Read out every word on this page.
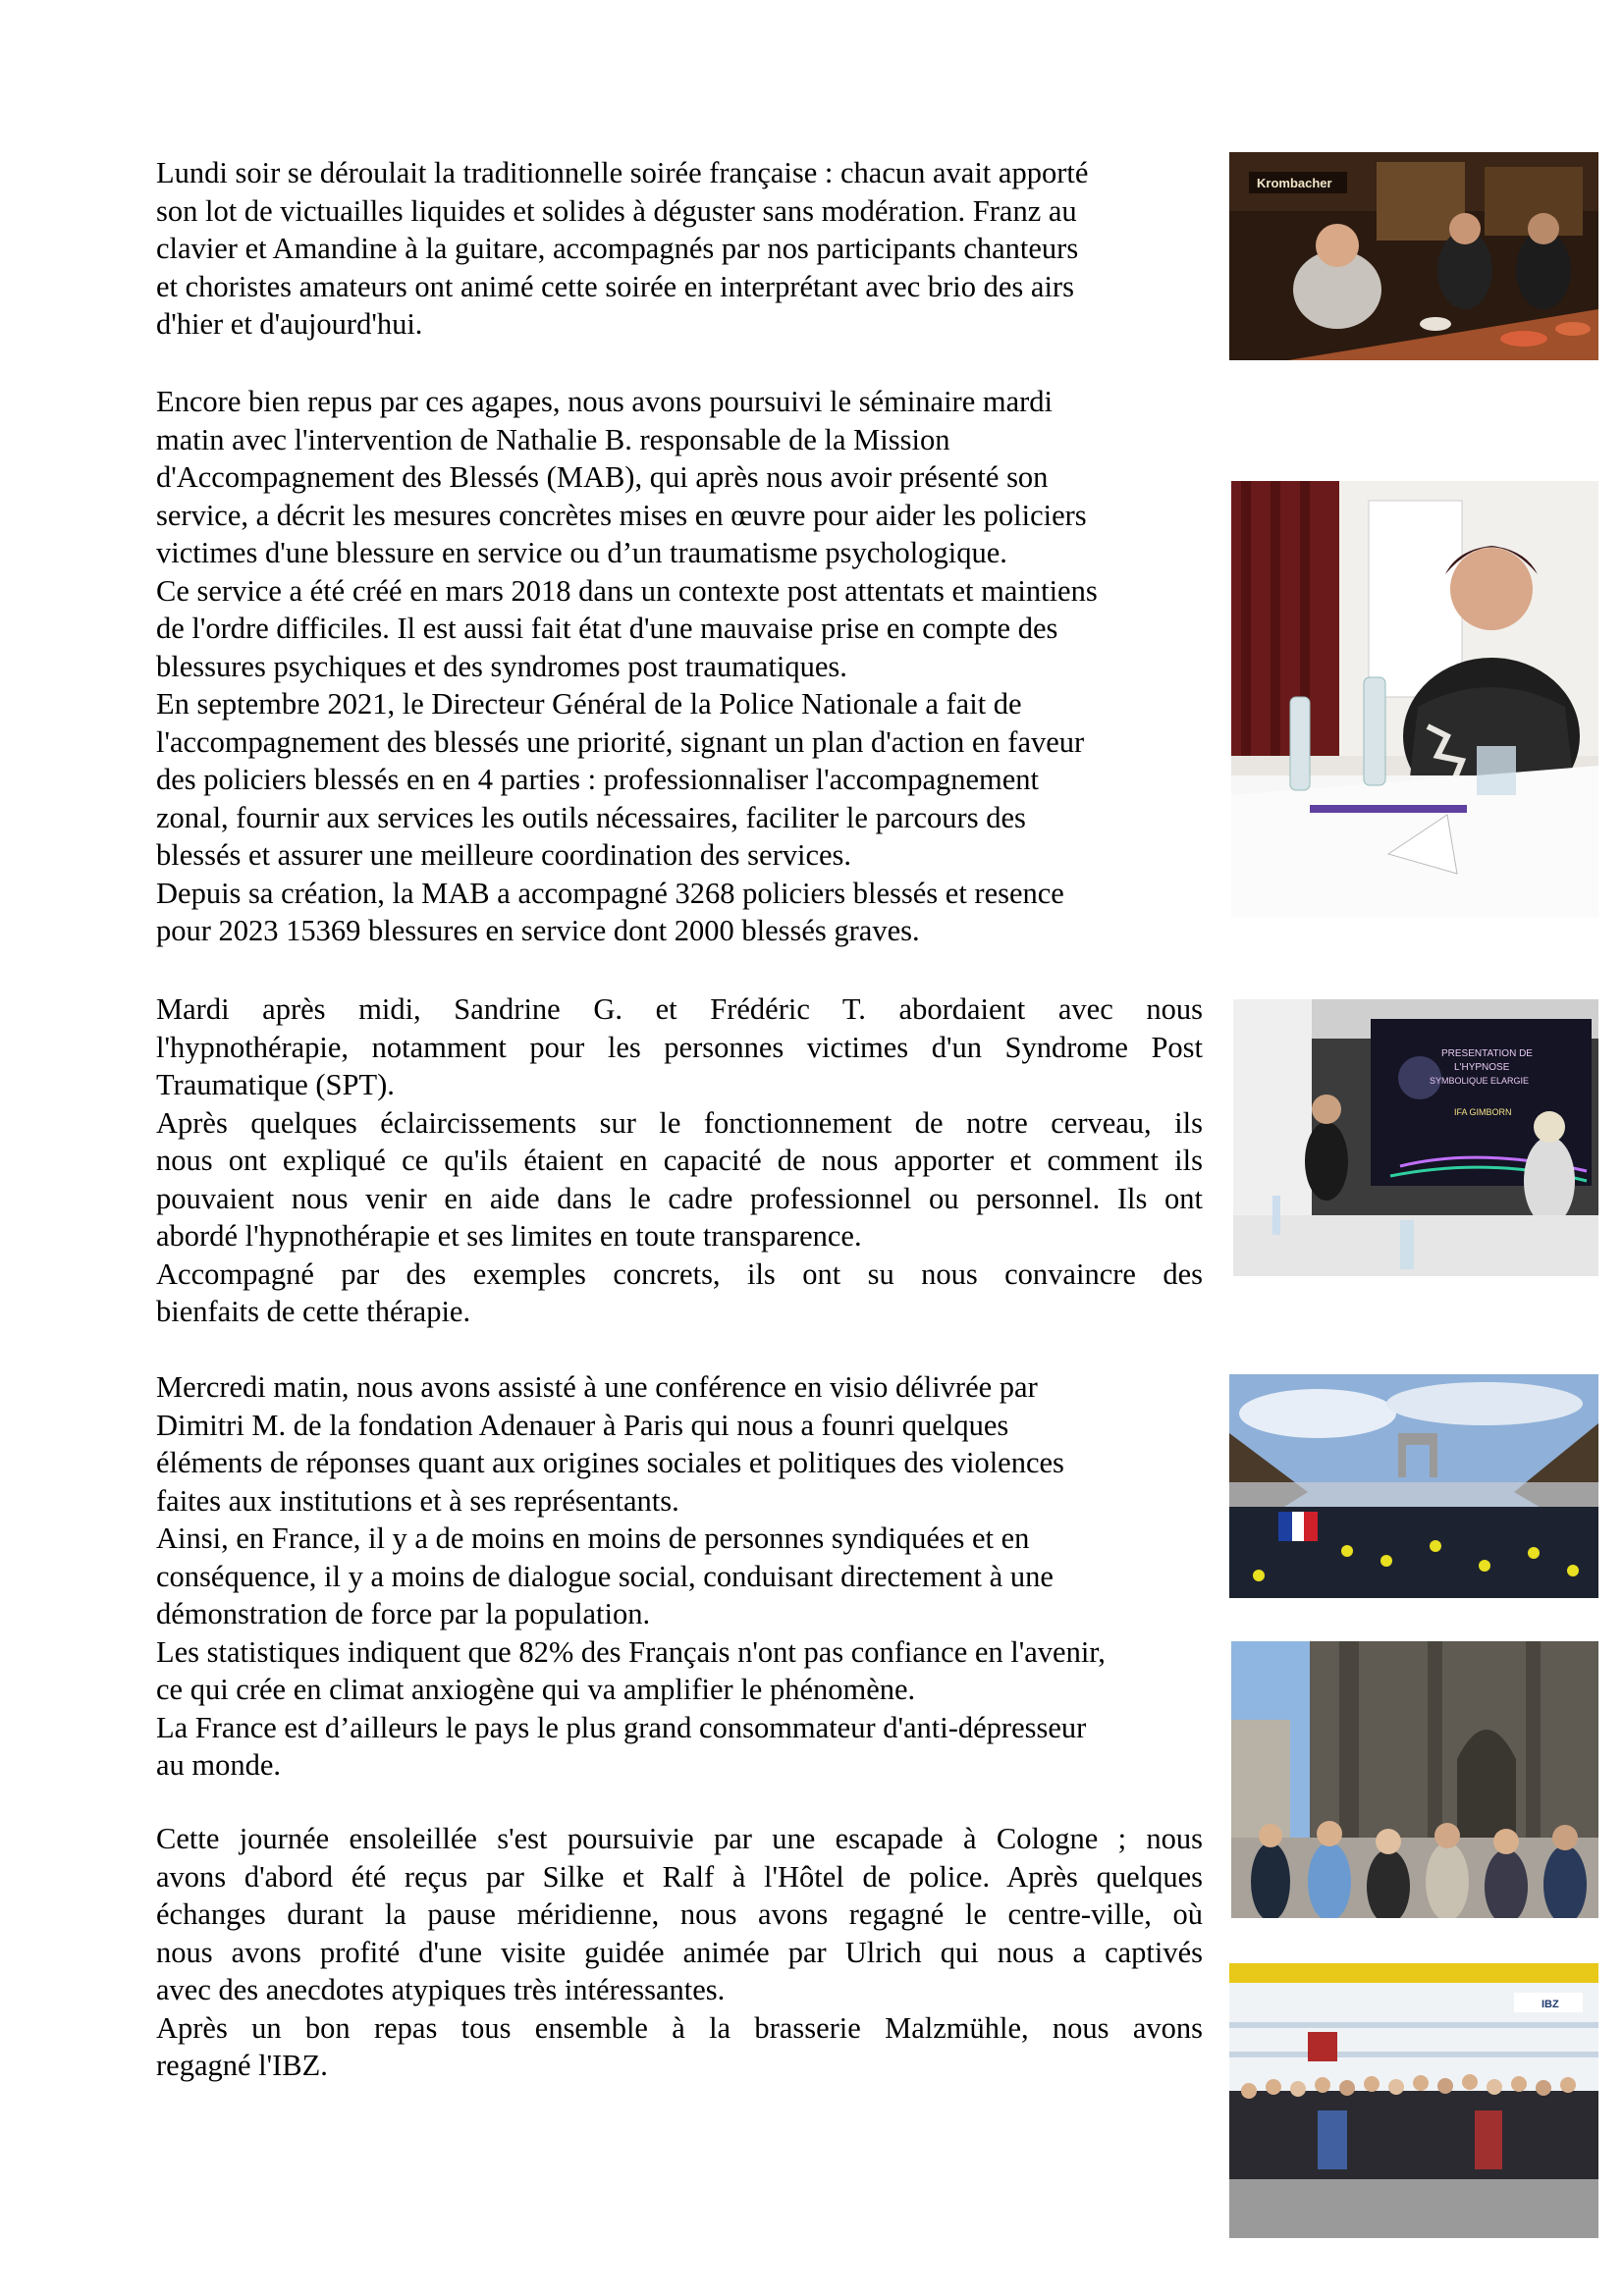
Lundi soir se déroulait la traditionnelle soirée française : chacun avait apporté
son lot de victuailles liquides et solides à déguster sans modération. Franz au
clavier et Amandine à la guitare, accompagnés par nos participants chanteurs
et choristes amateurs ont animé cette soirée en interprétant avec brio des airs
d'hier et d'aujourd'hui.
Encore bien repus par ces agapes, nous avons poursuivi le séminaire mardi
matin avec l'intervention de Nathalie B. responsable de la Mission
d'Accompagnement des Blessés (MAB), qui après nous avoir présenté son
service, a décrit les mesures concrètes mises en œuvre pour aider les policiers
victimes d'une blessure en service ou d’un traumatisme psychologique.
Ce service a été créé en mars 2018 dans un contexte post attentats et maintiens
de l'ordre difficiles. Il est aussi fait état d'une mauvaise prise en compte des
blessures psychiques et des syndromes post traumatiques.
En septembre 2021, le Directeur Général de la Police Nationale a fait de
l'accompagnement des blessés une priorité, signant un plan d'action en faveur
des policiers blessés en en 4 parties : professionnaliser l'accompagnement
zonal, fournir aux services les outils nécessaires, faciliter le parcours des
blessés et assurer une meilleure coordination des services.
Depuis sa création, la MAB a accompagné 3268 policiers blessés et resence
pour 2023 15369 blessures en service dont 2000 blessés graves.
Mardi après midi, Sandrine G. et Frédéric T. abordaient avec nous
l'hypnothérapie, notamment pour les personnes victimes d'un Syndrome Post
Traumatique (SPT).
Après quelques éclaircissements sur le fonctionnement de notre cerveau, ils
nous ont expliqué ce qu'ils étaient en capacité de nous apporter et comment ils
pouvaient nous venir en aide dans le cadre professionnel ou personnel. Ils ont
abordé l'hypnothérapie et ses limites en toute transparence.
Accompagné par des exemples concrets, ils ont su nous convaincre des
bienfaits de cette thérapie.
Mercredi matin, nous avons assisté à une conférence en visio délivrée par
Dimitri M. de la fondation Adenauer à Paris qui nous a founri quelques
éléments de réponses quant aux origines sociales et politiques des violences
faites aux institutions et à ses représentants.
Ainsi, en France, il y a de moins en moins de personnes syndiquées et en
conséquence, il y a moins de dialogue social, conduisant directement à une
démonstration de force par la population.
Les statistiques indiquent que 82% des Français n'ont pas confiance en l'avenir,
ce qui crée en climat anxiogène qui va amplifier le phénomène.
La France est d’ailleurs le pays le plus grand consommateur d'anti-dépresseur
au monde.
Cette journée ensoleillée s'est poursuivie par une escapade à Cologne ; nous
avons d'abord été reçus par Silke et Ralf à l'Hôtel de police. Après quelques
échanges durant la pause méridienne, nous avons regagné le centre-ville, où
nous avons profité d'une visite guidée animée par Ulrich qui nous a captivés
avec des anecdotes atypiques très intéressantes.
Après un bon repas tous ensemble à la brasserie Malzmühle, nous avons
regagné l'IBZ.
Krombacher
PRESENTATION DE
L'HYPNOSE
SYMBOLIQUE ELARGIE
IFA GIMBORN
IBZ
